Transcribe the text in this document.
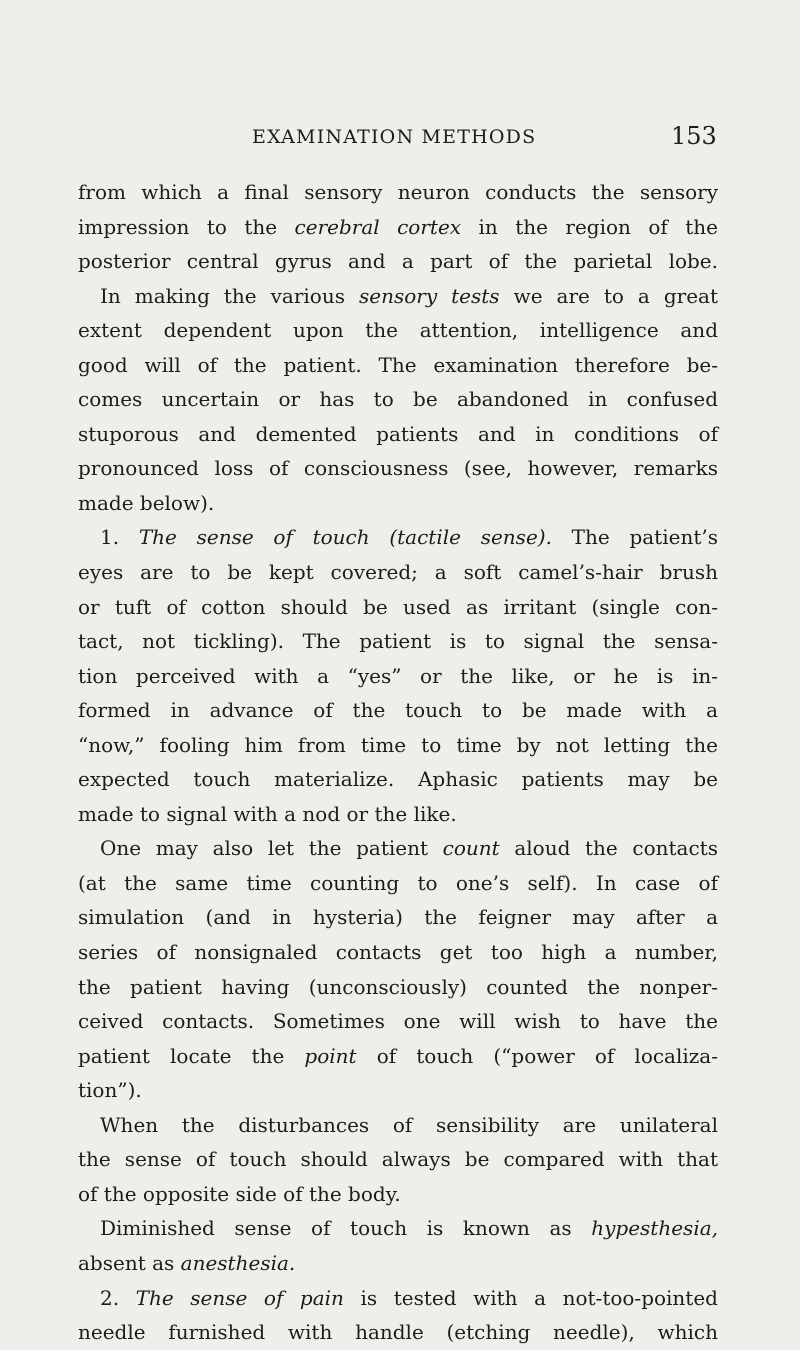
EXAMINATION METHODS	153
from which a final sensory neuron conducts the sensory
impression to the cerebral cortex in the region of the
posterior central gyrus and a part of the parietal lobe.
In making the various sensory tests we are to a great
extent dependent upon the attention, intelligence and
good will of the patient. The examination therefore be-
comes uncertain or has to be abandoned in confused
stuporous and demented patients and in conditions of
pronounced loss of consciousness (see, however, remarks
made below).
1. The sense of touch (tactile sense). The patient’s
eyes are to be kept covered; a soft camel’s-hair brush
or tuft of cotton should be used as irritant (single con-
tact, not tickling). The patient is to signal the sensa-
tion perceived with a “yes” or the like, or he is in-
formed in advance of the touch to be made with a
“now,” fooling him from time to time by not letting the
expected touch materialize. Aphasic patients may be
made to signal with a nod or the like.
One may also let the patient count aloud the contacts
(at the same time counting to one’s self). In case of
simulation (and in hysteria) the feigner may after a
series of nonsignaled contacts get too high a number,
the patient having (unconsciously) counted the nonper-
ceived contacts. Sometimes one will wish to have the
patient locate the point of touch (“power of localiza-
tion”).
When the disturbances of sensibility are unilateral
the sense of touch should always be compared with that
of the opposite side of the body.
Diminished sense of touch is known as hypesthesia,
absent as anesthesia.
2. The sense of pain is tested with a not-too-pointed
needle furnished with handle (etching needle), which
